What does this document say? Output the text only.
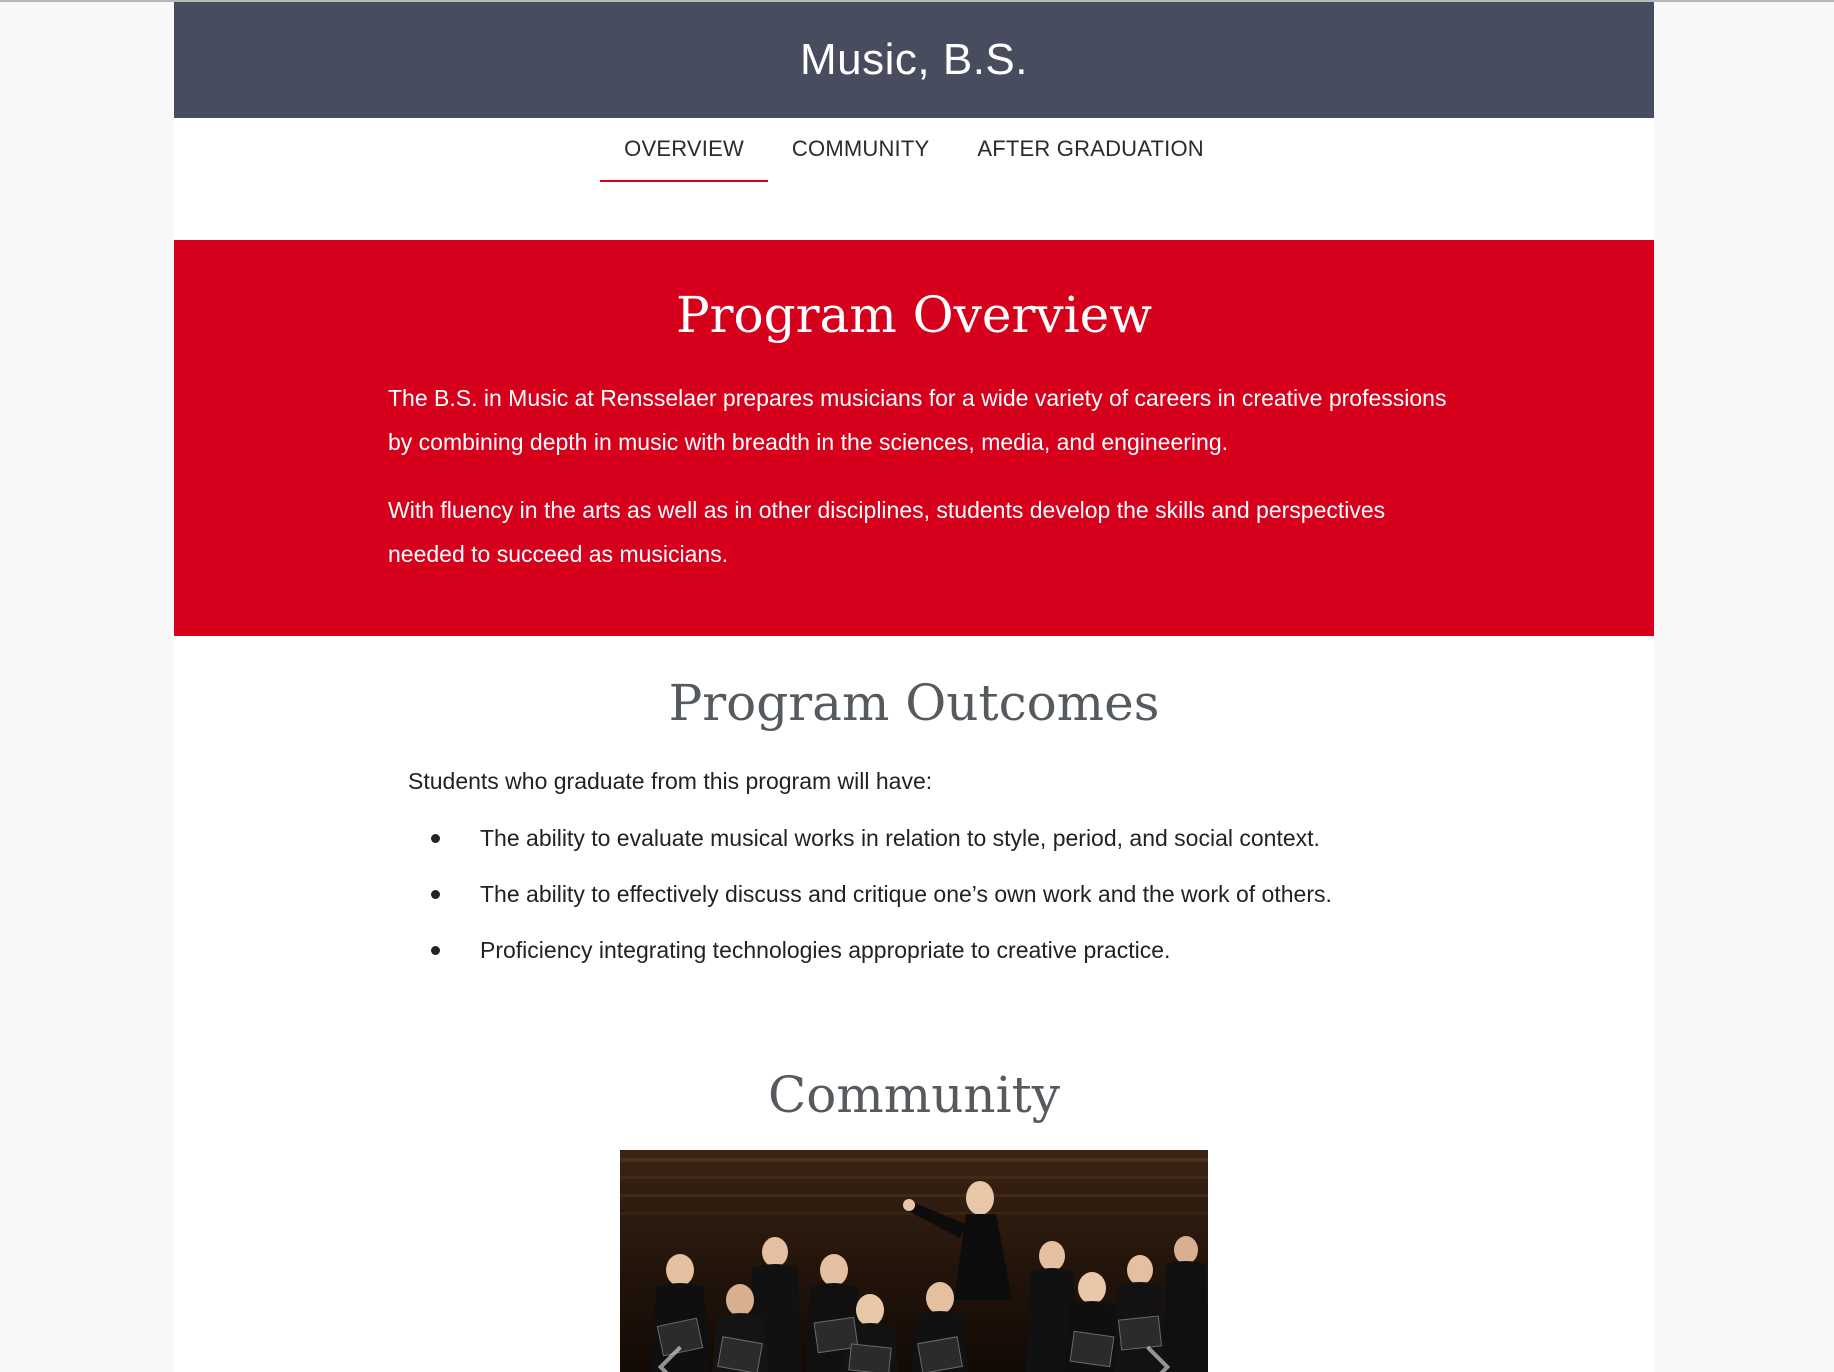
Music, B.S.
OVERVIEW COMMUNITY AFTER GRADUATION
Program Overview

The B.S. in Music at Rensselaer prepares musicians for a wide variety of careers in creative professions by combining depth in music with breadth in the sciences, media, and engineering.

With fluency in the arts as well as in other disciplines, students develop the skills and perspectives needed to succeed as musicians.

Program Outcomes

Students who graduate from this program will have:

The ability to evaluate musical works in relation to style, period, and social context.
The ability to effectively discuss and critique one’s own work and the work of others.
Proficiency integrating technologies appropriate to creative practice.
Community
